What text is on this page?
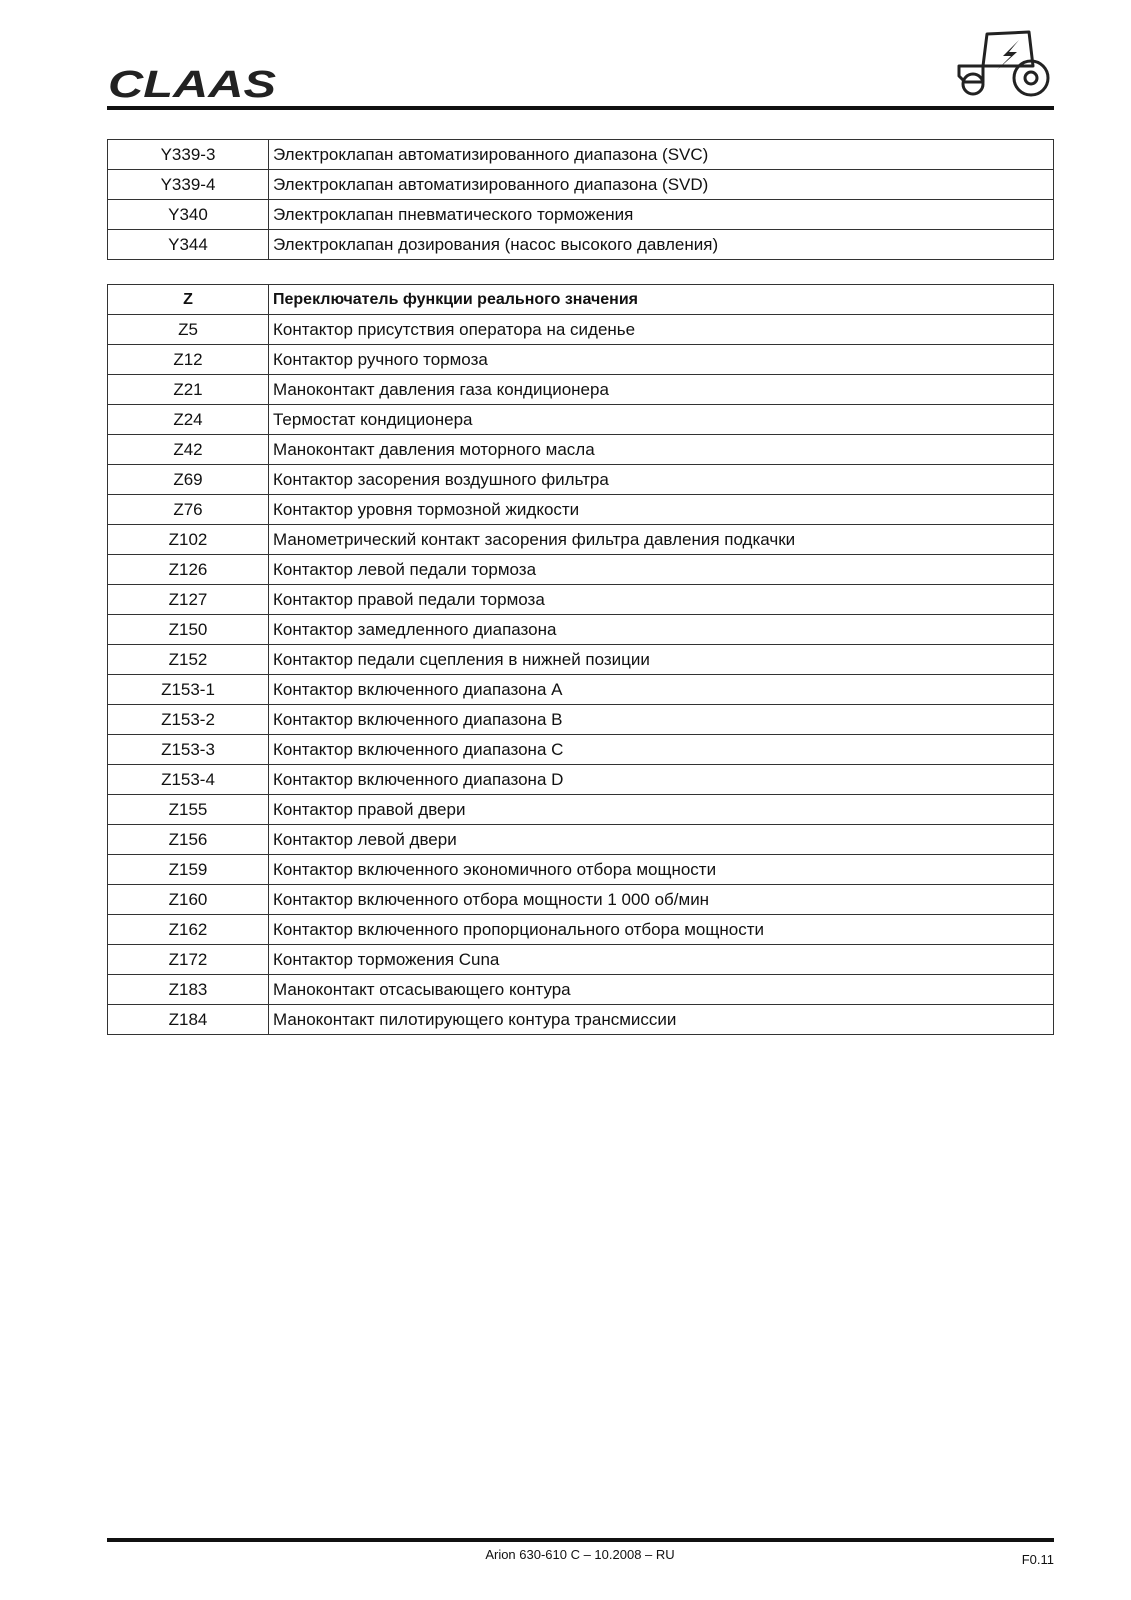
CLAAS
Y339-3	Электроклапан автоматизированного диапазона (SVC)
Y339-4	Электроклапан автоматизированного диапазона (SVD)
Y340	Электроклапан пневматического торможения
Y344	Электроклапан дозирования (насос высокого давления)
Z	Переключатель функции реального значения
Z5	Контактор присутствия оператора на сиденье
Z12	Контактор ручного тормоза
Z21	Маноконтакт давления газа кондиционера
Z24	Термостат кондиционера
Z42	Маноконтакт давления моторного масла
Z69	Контактор засорения воздушного фильтра
Z76	Контактор уровня тормозной жидкости
Z102	Манометрический контакт засорения фильтра давления подкачки
Z126	Контактор левой педали тормоза
Z127	Контактор правой педали тормоза
Z150	Контактор замедленного диапазона
Z152	Контактор педали сцепления в нижней позиции
Z153-1	Контактор включенного диапазона A
Z153-2	Контактор включенного диапазона B
Z153-3	Контактор включенного диапазона C
Z153-4	Контактор включенного диапазона D
Z155	Контактор правой двери
Z156	Контактор левой двери
Z159	Контактор включенного экономичного отбора мощности
Z160	Контактор включенного отбора мощности 1 000 об/мин
Z162	Контактор включенного пропорционального отбора мощности
Z172	Контактор торможения Cuna
Z183	Маноконтакт отсасывающего контура
Z184	Маноконтакт пилотирующего контура трансмиссии
Arion 630-610 C – 10.2008 – RU	F0.11
